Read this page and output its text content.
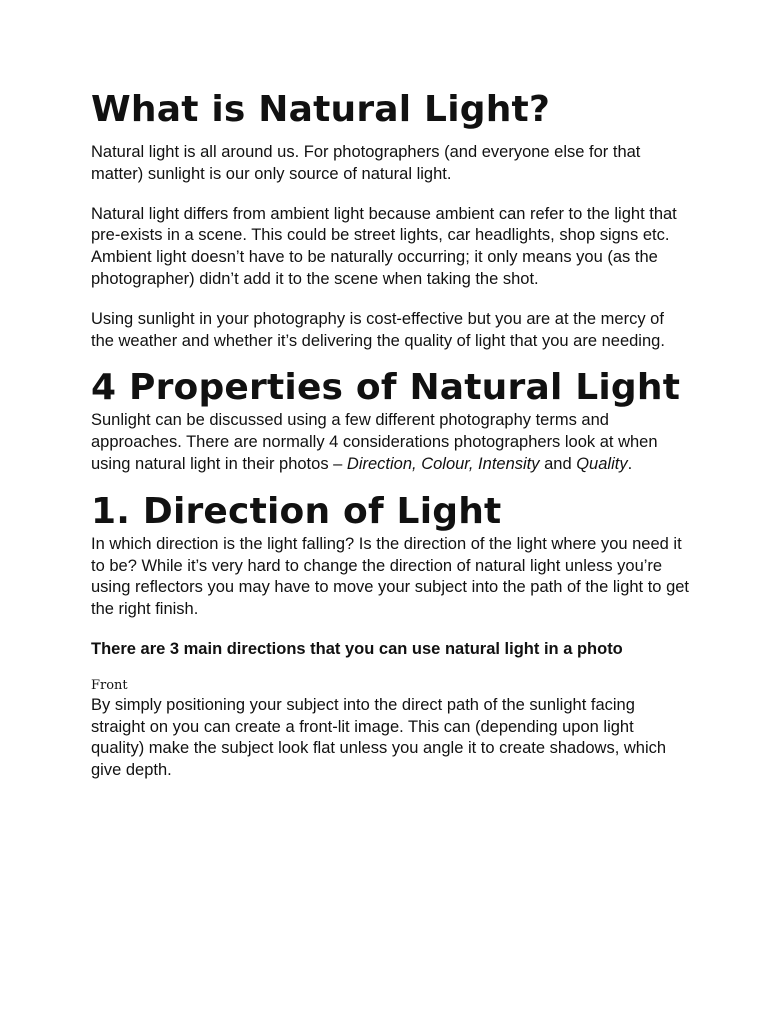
What is Natural Light?

Natural light is all around us. For photographers (and everyone else for that matter) sunlight is our only source of natural light.

Natural light differs from ambient light because ambient can refer to the light that pre-exists in a scene. This could be street lights, car headlights, shop signs etc. Ambient light doesn’t have to be naturally occurring; it only means you (as the photographer) didn’t add it to the scene when taking the shot.

Using sunlight in your photography is cost-effective but you are at the mercy of the weather and whether it’s delivering the quality of light that you are needing.

4 Properties of Natural Light

Sunlight can be discussed using a few different photography terms and approaches. There are normally 4 considerations photographers look at when using natural light in their photos – Direction, Colour, Intensity and Quality.

1. Direction of Light

In which direction is the light falling? Is the direction of the light where you need it to be? While it’s very hard to change the direction of natural light unless you’re using reflectors you may have to move your subject into the path of the light to get the right finish.

There are 3 main directions that you can use natural light in a photo

Front

By simply positioning your subject into the direct path of the sunlight facing straight on you can create a front-lit image. This can (depending upon light quality) make the subject look flat unless you angle it to create shadows, which give depth.
